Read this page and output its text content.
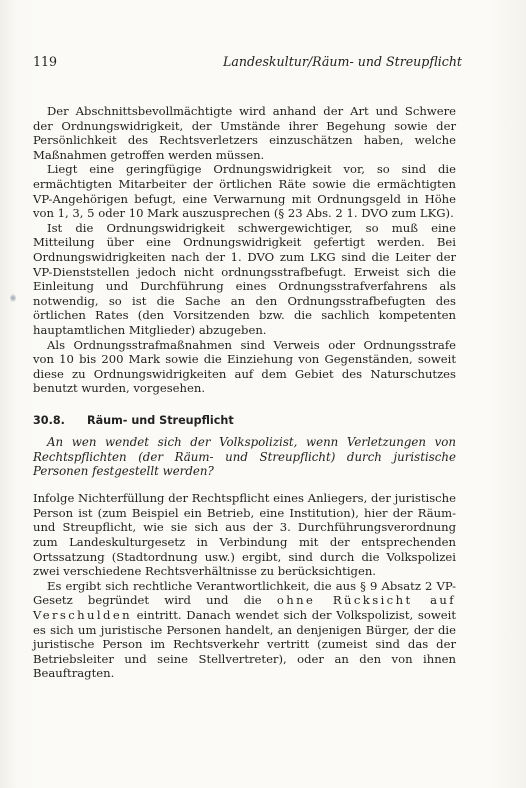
119	Landeskultur/Räum- und Streupflicht

Der Abschnittsbevollmächtigte wird anhand der Art und Schwere der Ordnungswidrigkeit, der Umstände ihrer Begehung sowie der Persönlichkeit des Rechtsverletzers einzuschätzen haben, welche Maßnahmen getroffen werden müssen.

Liegt eine geringfügige Ordnungswidrigkeit vor, so sind die ermächtigten Mitarbeiter der örtlichen Räte sowie die ermächtigten VP-Angehörigen befugt, eine Verwarnung mit Ordnungsgeld in Höhe von 1, 3, 5 oder 10 Mark auszusprechen (§ 23 Abs. 2 1. DVO zum LKG).

Ist die Ordnungswidrigkeit schwergewichtiger, so muß eine Mitteilung über eine Ordnungswidrigkeit gefertigt werden. Bei Ordnungswidrigkeiten nach der 1. DVO zum LKG sind die Leiter der VP-Dienststellen jedoch nicht ordnungsstrafbefugt. Erweist sich die Einleitung und Durchführung eines Ordnungsstrafverfahrens als notwendig, so ist die Sache an den Ordnungsstrafbefugten des örtlichen Rates (den Vorsitzenden bzw. die sachlich kompetenten hauptamtlichen Mitglieder) abzugeben.

Als Ordnungsstrafmaßnahmen sind Verweis oder Ordnungsstrafe von 10 bis 200 Mark sowie die Einziehung von Gegenständen, soweit diese zu Ordnungswidrigkeiten auf dem Gebiet des Naturschutzes benutzt wurden, vorgesehen.

30.8.	Räum- und Streupflicht

An wen wendet sich der Volkspolizist, wenn Verletzungen von Rechtspflichten (der Räum- und Streupflicht) durch juristische Personen festgestellt werden?

Infolge Nichterfüllung der Rechtspflicht eines Anliegers, der juristische Person ist (zum Beispiel ein Betrieb, eine Institution), hier der Räum- und Streupflicht, wie sie sich aus der 3. Durchführungsverordnung zum Landeskulturgesetz in Verbindung mit der entsprechenden Ortssatzung (Stadtordnung usw.) ergibt, sind durch die Volkspolizei zwei verschiedene Rechtsverhältnisse zu berücksichtigen.

Es ergibt sich rechtliche Verantwortlichkeit, die aus § 9 Absatz 2 VP-Gesetz begründet wird und die ohne Rücksicht auf Verschulden eintritt. Danach wendet sich der Volkspolizist, soweit es sich um juristische Personen handelt, an denjenigen Bürger, der die juristische Person im Rechtsverkehr vertritt (zumeist sind das der Betriebsleiter und seine Stellvertreter), oder an den von ihnen Beauftragten.
